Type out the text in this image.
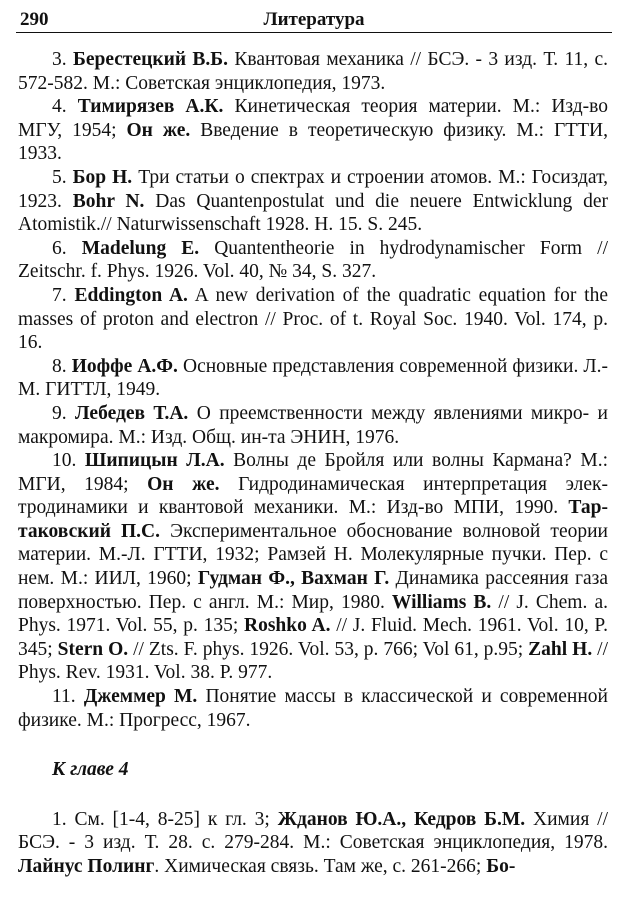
290	Литература

3. Берестецкий В.Б. Квантовая механика // БСЭ. - 3 изд. Т. 11, с. 572-582. М.: Советская энциклопедия, 1973.

4. Тимирязев А.К. Кинетическая теория материи. М.: Изд-во МГУ, 1954; Он же. Введение в теоретическую физику. М.: ГТТИ, 1933.

5. Бор Н. Три статьи о спектрах и строении атомов. М.: Госиздат, 1923. Bohr N. Das Quantenpostulat und die neuere Entwicklung der Atomistik.// Naturwissenschaft 1928. H. 15. S. 245.

6. Madelung E. Quantentheorie in hydrodynamischer Form // Zeitschr. f. Phys. 1926. Vol. 40, № 34, S. 327.

7. Eddington A. A new derivation of the quadratic equation for the masses of proton and electron // Proc. of t. Royal Soc. 1940. Vol. 174, p. 16.

8. Иоффе А.Ф. Основные представления современной физики. Л.-М. ГИТТЛ, 1949.

9. Лебедев Т.А. О преемственности между явлениями микро- и макромира. М.: Изд. Общ. ин-та ЭНИН, 1976.

10. Шипицын Л.А. Волны де Бройля или волны Кармана? М.: МГИ, 1984; Он же. Гидродинамическая интерпретация электродинамики и квантовой механики. М.: Изд-во МПИ, 1990. Тартаковский П.С. Экспериментальное обоснование волновой теории материи. М.-Л. ГТТИ, 1932; Рамзей Н. Молекулярные пучки. Пер. с нем. М.: ИИЛ, 1960; Гудман Ф., Вахман Г. Динамика рассеяния газа поверхностью. Пер. с англ. М.: Мир, 1980. Williams B. // J. Chem. a. Phys. 1971. Vol. 55, p. 135; Roshko A. // J. Fluid. Mech. 1961. Vol. 10, P. 345; Stern O. // Zts. F. phys. 1926. Vol. 53, p. 766; Vol 61, p.95; Zahl H. // Phys. Rev. 1931. Vol. 38. P. 977.

11. Джеммер М. Понятие массы в классической и современной физике. М.: Прогресс, 1967.

К главе 4

1. См. [1-4, 8-25] к гл. 3; Жданов Ю.А., Кедров Б.М. Химия // БСЭ. - 3 изд. Т. 28. с. 279-284. М.: Советская энциклопедия, 1978. Лайнус Полинг. Химическая связь. Там же, с. 261-266; Бо-
